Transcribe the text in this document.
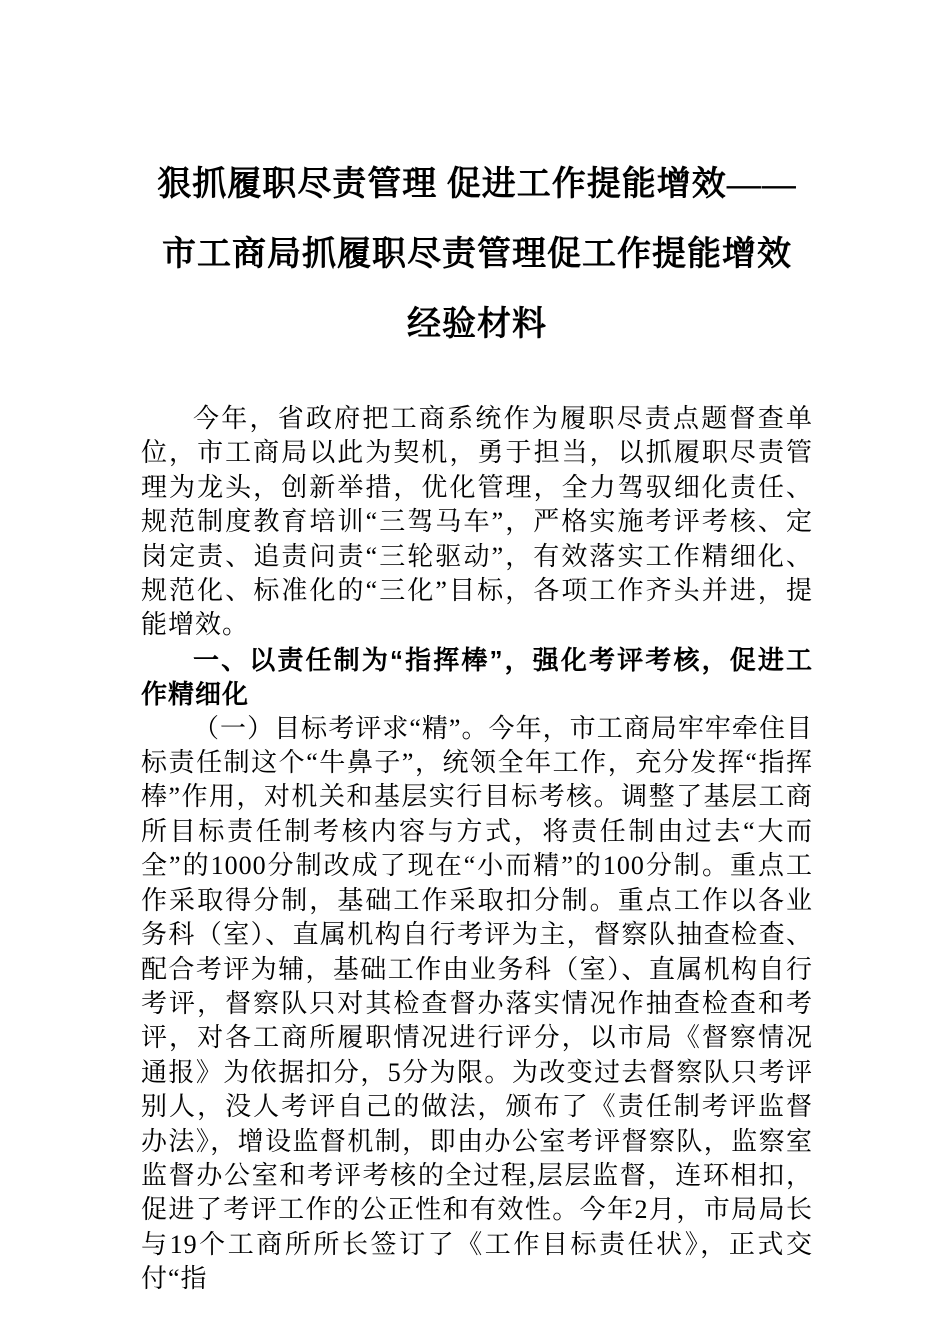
狠抓履职尽责管理 促进工作提能增效——
市工商局抓履职尽责管理促工作提能增效
经验材料

今年，省政府把工商系统作为履职尽责点题督查单位，市工商局以此为契机，勇于担当，以抓履职尽责管理为龙头，创新举措，优化管理，全力驾驭细化责任、规范制度教育培训“三驾马车”，严格实施考评考核、定岗定责、追责问责“三轮驱动”，有效落实工作精细化、规范化、标准化的“三化”目标，各项工作齐头并进，提能增效。

一、以责任制为“指挥棒”，强化考评考核，促进工作精细化

（一）目标考评求“精”。今年，市工商局牢牢牵住目标责任制这个“牛鼻子”，统领全年工作，充分发挥“指挥棒”作用，对机关和基层实行目标考核。调整了基层工商所目标责任制考核内容与方式，将责任制由过去“大而全”的1000分制改成了现在“小而精”的100分制。重点工作采取得分制，基础工作采取扣分制。重点工作以各业务科（室）、直属机构自行考评为主，督察队抽查检查、配合考评为辅，基础工作由业务科（室）、直属机构自行考评，督察队只对其检查督办落实情况作抽查检查和考评，对各工商所履职情况进行评分，以市局《督察情况通报》为依据扣分，5分为限。为改变过去督察队只考评别人，没人考评自己的做法，颁布了《责任制考评监督办法》，增设监督机制，即由办公室考评督察队，监察室监督办公室和考评考核的全过程,层层监督，连环相扣，促进了考评工作的公正性和有效性。今年2月，市局局长与19个工商所所长签订了《工作目标责任状》，正式交付“指
